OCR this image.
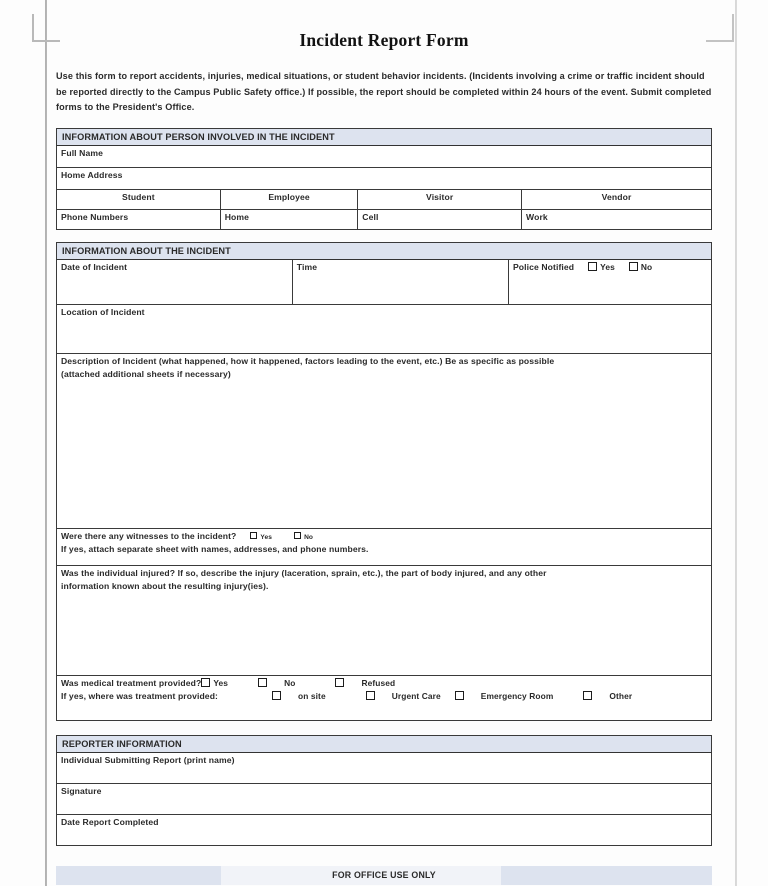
Incident Report Form
Use this form to report accidents, injuries, medical situations, or student behavior incidents. (Incidents involving a crime or traffic incident should be reported directly to the Campus Public Safety office.) If possible, the report should be completed within 24 hours of the event. Submit completed forms to the President's Office.
INFORMATION ABOUT PERSON INVOLVED IN THE INCIDENT			
Full Name			
Home Address			
Student	Employee	Visitor	Vendor
Phone Numbers	Home	Cell	Work
INFORMATION ABOUT THE INCIDENT
Date of Incident	Time	Police Notified	Yes	No
Location of Incident

Description of Incident (what happened, how it happened, factors leading to the event, etc.) Be as specific as possible
(attached additional sheets if necessary)

Were there any witnesses to the incident?	Yes	No
If yes, attach separate sheet with names, addresses, and phone numbers.

Was the individual injured? If so, describe the injury (laceration, sprain, etc.), the part of body injured, and any other
information known about the resulting injury(ies).

Was medical treatment provided? Yes	No	Refused
If yes, where was treatment provided:	on site	Urgent Care	Emergency Room	Other
REPORTER INFORMATION
Individual Submitting Report (print name)
Signature
Date Report Completed
FOR OFFICE USE ONLY
